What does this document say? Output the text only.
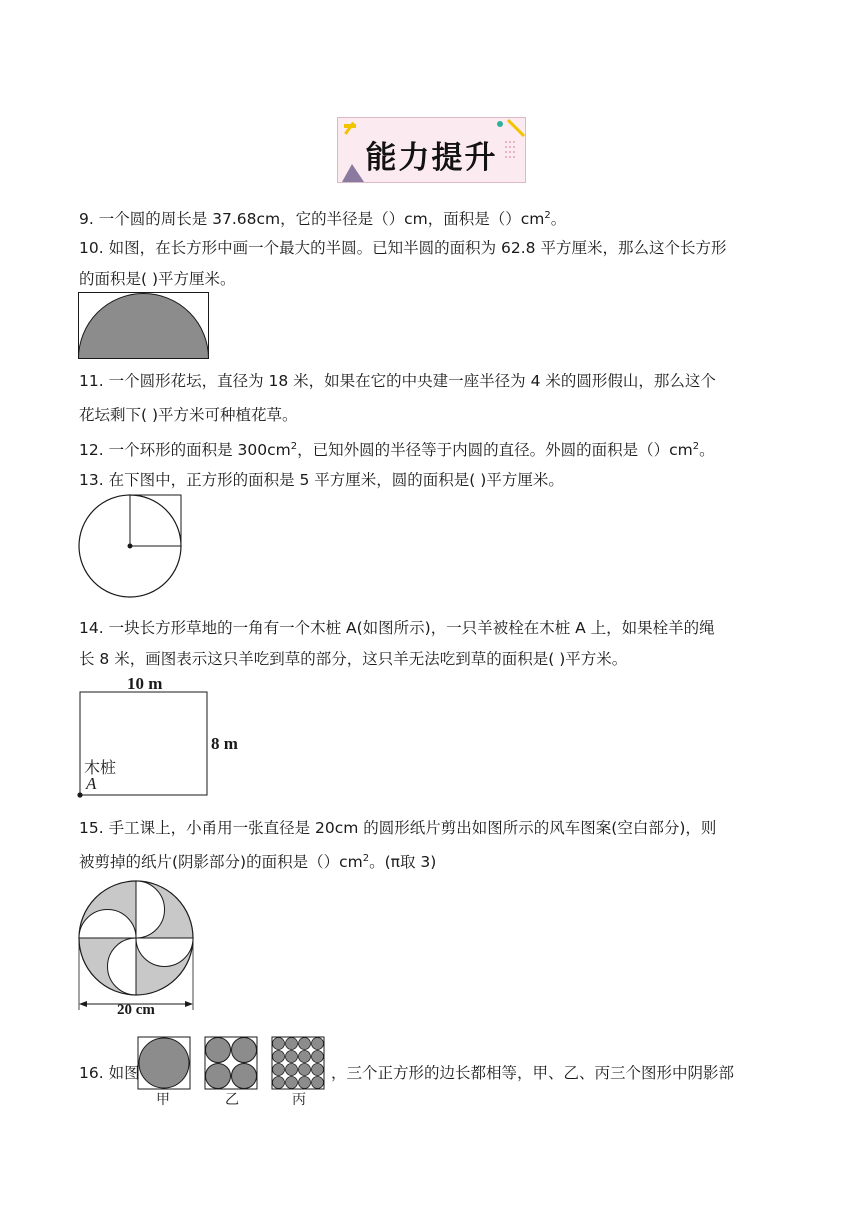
能力提升
9. 一个圆的周长是 37.68cm，它的半径是（）cm，面积是$()cm^2$。
10. 如图，在长方形中画一个最大的半圆。已知半圆的面积为 62.8 平方厘米，那么这个长方形
的面积是( )平方厘米。
11. 一个圆形花坛，直径为 18 米，如果在它的中央建一座半径为 4 米的圆形假山，那么这个
花坛剩下( )平方米可种植花草。
12. 一个环形的面积是 $300cm^2$，已知外圆的半径等于内圆的直径。外圆的面积是$()cm^2$。
13. 在下图中，正方形的面积是 5 平方厘米，圆的面积是( )平方厘米。
14. 一块长方形草地的一角有一个木桩 A(如图所示)，一只羊被栓在木桩 A 上，如果栓羊的绳
长 8 米，画图表示这只羊吃到草的部分，这只羊无法吃到草的面积是( )平方米。
10 m
8 m
木桩
A
15. 手工课上，小甬用一张直径是 20cm 的圆形纸片剪出如图所示的风车图案(空白部分)，则
被剪掉的纸片(阴影部分)的面积是$()cm^2$。(π取 3)
20 cm
16. 如图
甲	乙	丙
，三个正方形的边长都相等，甲、乙、丙三个图形中阴影部
